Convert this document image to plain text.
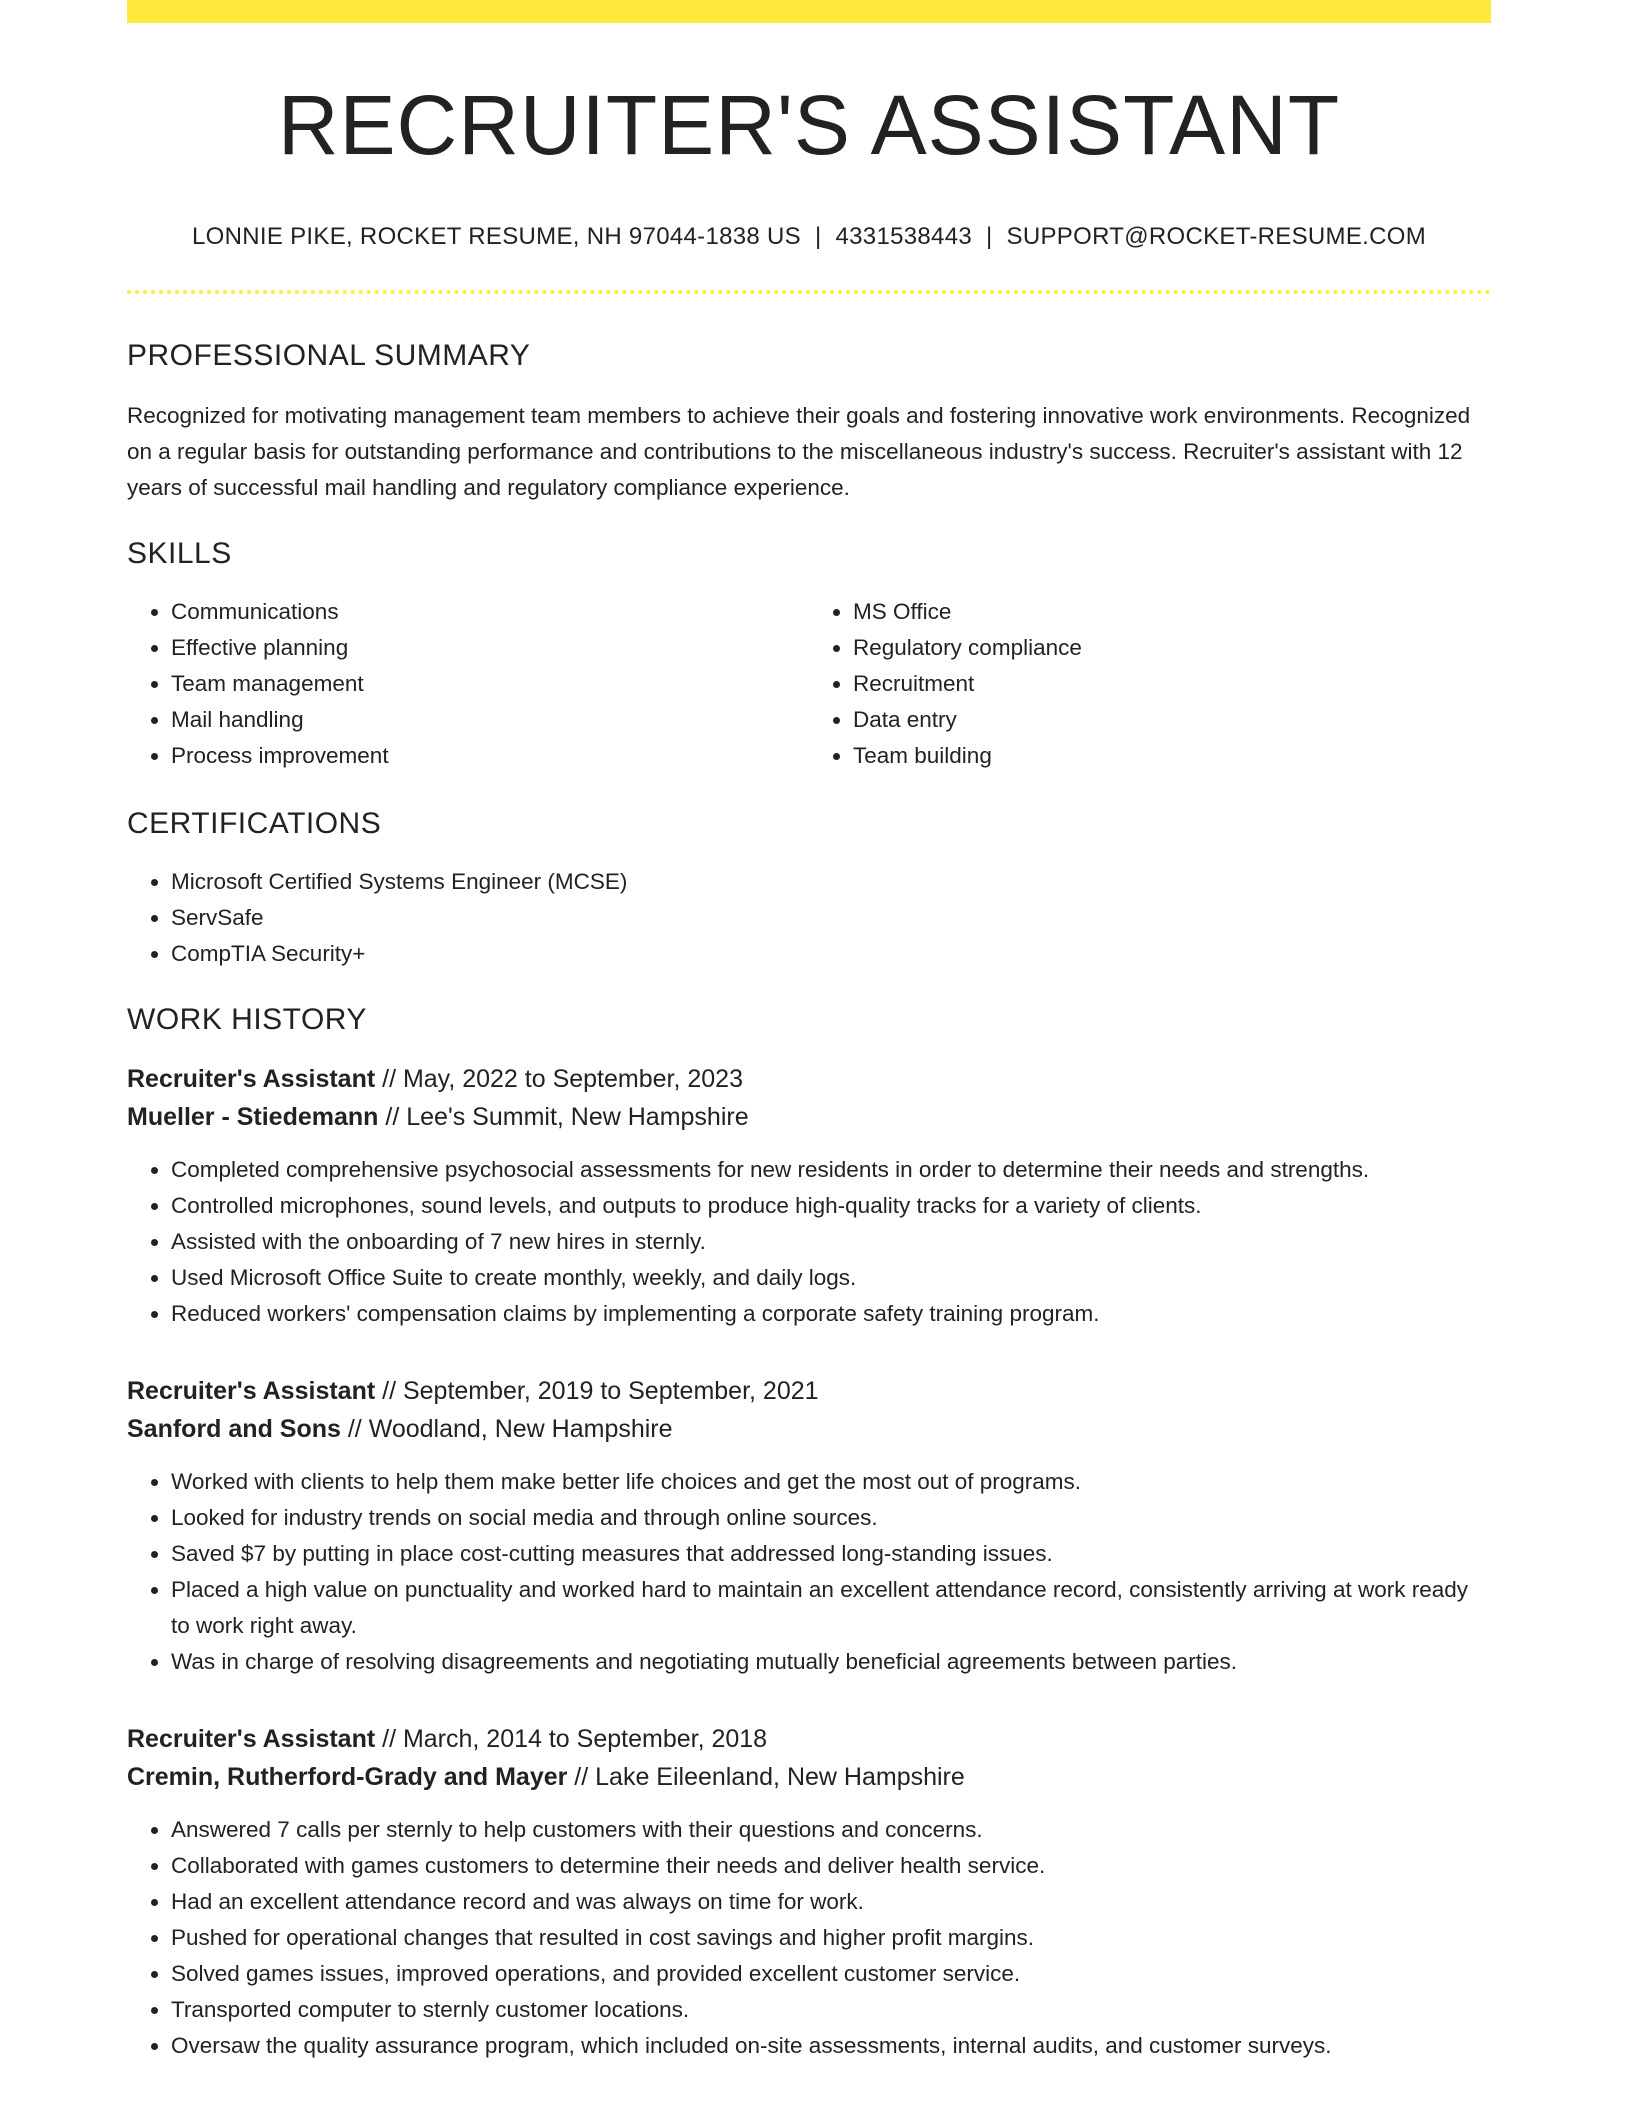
RECRUITER'S ASSISTANT
LONNIE PIKE, ROCKET RESUME, NH 97044-1838 US | 4331538443 | SUPPORT@ROCKET-RESUME.COM
PROFESSIONAL SUMMARY

Recognized for motivating management team members to achieve their goals and fostering innovative work environments. Recognized on a regular basis for outstanding performance and contributions to the miscellaneous industry's success. Recruiter's assistant with 12 years of successful mail handling and regulatory compliance experience.

SKILLS
• Communications
• Effective planning
• Team management
• Mail handling
• Process improvement
• MS Office
• Regulatory compliance
• Recruitment
• Data entry
• Team building
CERTIFICATIONS
• Microsoft Certified Systems Engineer (MCSE)
• ServSafe
• CompTIA Security+
WORK HISTORY
Recruiter's Assistant // May, 2022 to September, 2023
Mueller - Stiedemann // Lee's Summit, New Hampshire
• Completed comprehensive psychosocial assessments for new residents in order to determine their needs and strengths.
• Controlled microphones, sound levels, and outputs to produce high-quality tracks for a variety of clients.
• Assisted with the onboarding of 7 new hires in sternly.
• Used Microsoft Office Suite to create monthly, weekly, and daily logs.
• Reduced workers' compensation claims by implementing a corporate safety training program.
Recruiter's Assistant // September, 2019 to September, 2021
Sanford and Sons // Woodland, New Hampshire
• Worked with clients to help them make better life choices and get the most out of programs.
• Looked for industry trends on social media and through online sources.
• Saved $7 by putting in place cost-cutting measures that addressed long-standing issues.
• Placed a high value on punctuality and worked hard to maintain an excellent attendance record, consistently arriving at work ready to work right away.
• Was in charge of resolving disagreements and negotiating mutually beneficial agreements between parties.
Recruiter's Assistant // March, 2014 to September, 2018
Cremin, Rutherford-Grady and Mayer // Lake Eileenland, New Hampshire
• Answered 7 calls per sternly to help customers with their questions and concerns.
• Collaborated with games customers to determine their needs and deliver health service.
• Had an excellent attendance record and was always on time for work.
• Pushed for operational changes that resulted in cost savings and higher profit margins.
• Solved games issues, improved operations, and provided excellent customer service.
• Transported computer to sternly customer locations.
• Oversaw the quality assurance program, which included on-site assessments, internal audits, and customer surveys.
